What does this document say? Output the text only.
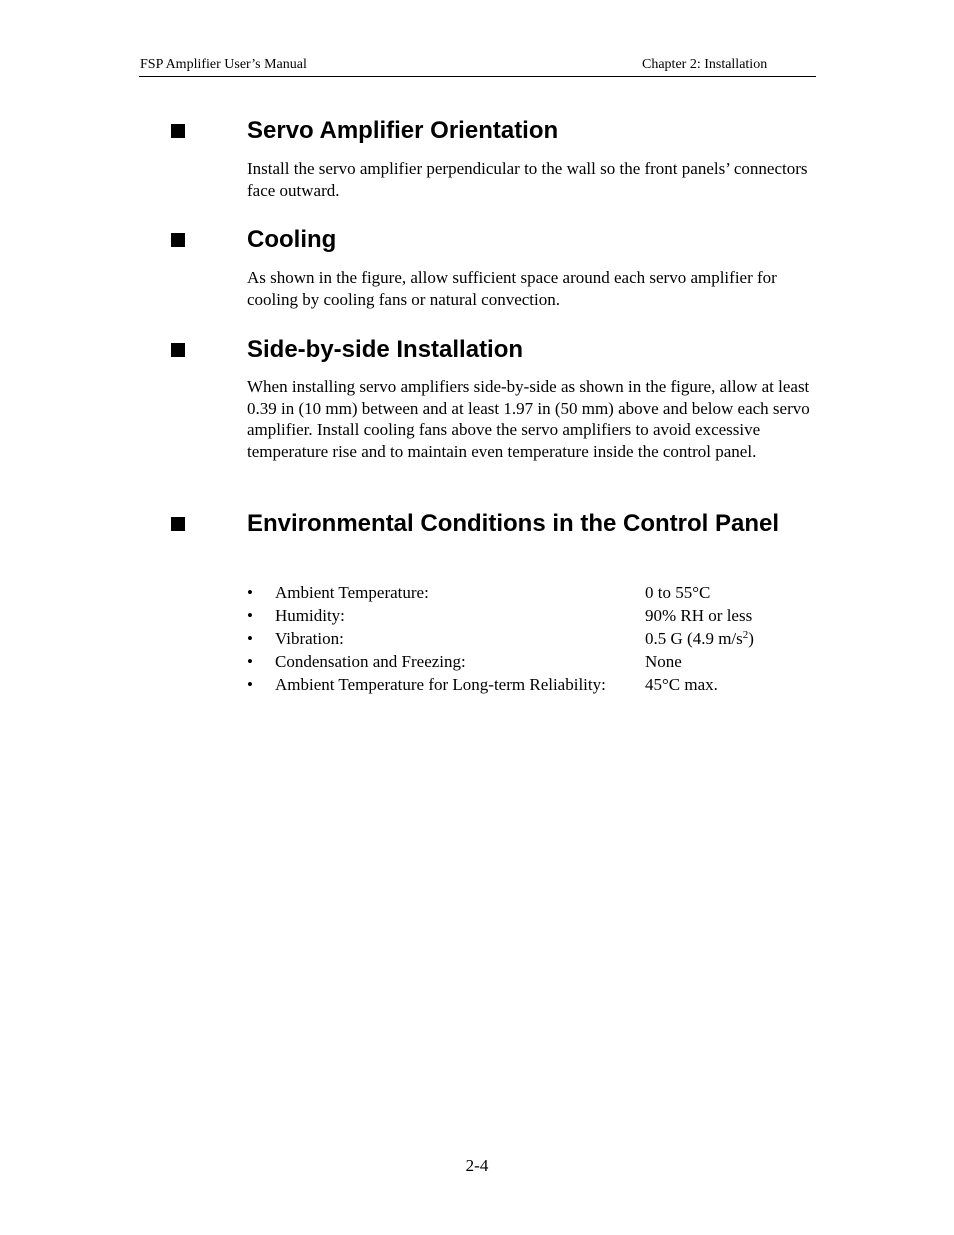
FSP Amplifier User’s Manual	Chapter 2: Installation
Servo Amplifier Orientation

Install the servo amplifier perpendicular to the wall so the front panels’ connectors face outward.

Cooling

As shown in the figure, allow sufficient space around each servo amplifier for cooling by cooling fans or natural convection.

Side-by-side Installation

When installing servo amplifiers side-by-side as shown in the figure, allow at least 0.39 in (10 mm) between and at least 1.97 in (50 mm) above and below each servo amplifier. Install cooling fans above the servo amplifiers to avoid excessive temperature rise and to maintain even temperature inside the control panel.

Environmental Conditions in the Control Panel
• Ambient Temperature:	0 to 55°C
• Humidity:	90% RH or less
• Vibration:	0.5 G (4.9 $m/s^2$)
• Condensation and Freezing:	None
• Ambient Temperature for Long-term Reliability: 45°C max.
2-4
